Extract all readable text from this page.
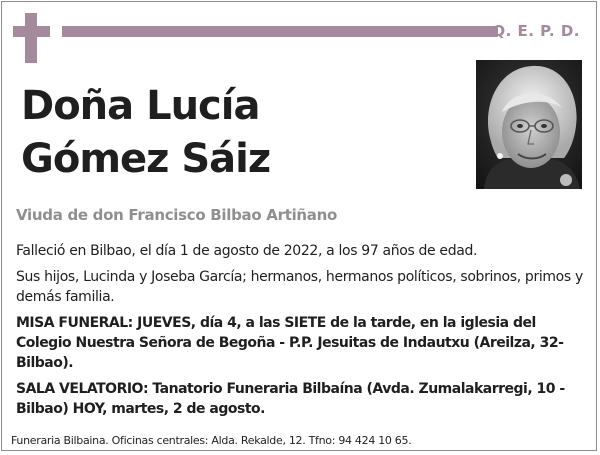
Q. E. P. D.
Doña Lucía
Gómez Sáiz
Viuda de don Francisco Bilbao Artiñano

Falleció en Bilbao, el día 1 de agosto de 2022, a los 97 años de edad.

Sus hijos, Lucinda y Joseba García; hermanos, hermanos políticos, sobrinos, primos y demás familia.

MISA FUNERAL: JUEVES, día 4, a las SIETE de la tarde, en la iglesia del Colegio Nuestra Señora de Begoña - P.P. Jesuitas de Indautxu (Areilza, 32- Bilbao).

SALA VELATORIO: Tanatorio Funeraria Bilbaína (Avda. Zumalakarregi, 10 - Bilbao) HOY, martes, 2 de agosto.

Funeraria Bilbaina. Oficinas centrales: Alda. Rekalde, 12. Tfno: 94 424 10 65.
